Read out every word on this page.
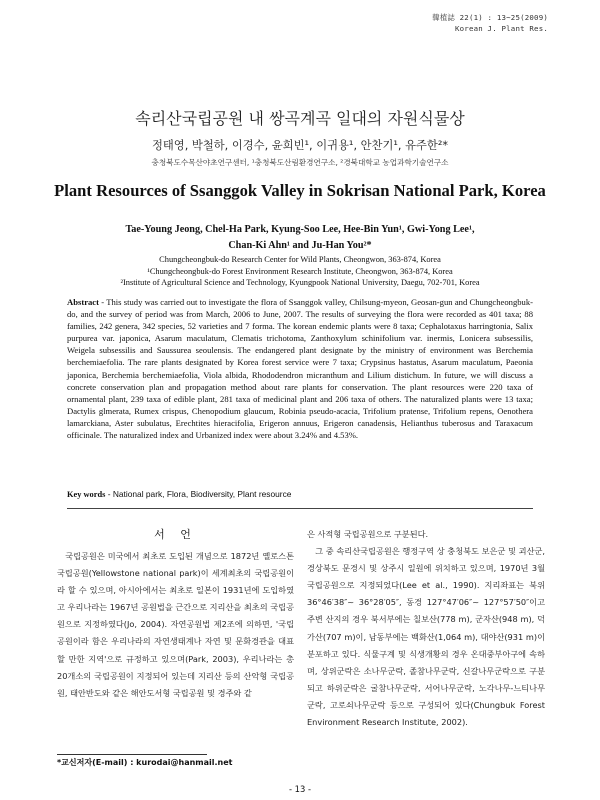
韓植誌 22(1) : 13~25(2009)
Korean J. Plant Res.
속리산국립공원 내 쌍곡계곡 일대의 자원식물상
정태영, 박철하, 이경수, 윤희빈¹, 이귀용¹, 안찬기¹, 유주한²*
충청북도수목산야초연구센터, ¹충청북도산림환경연구소, ²경북대학교 농업과학기술연구소
Plant Resources of Ssanggok Valley in Sokrisan National Park, Korea
Tae-Young Jeong, Chel-Ha Park, Kyung-Soo Lee, Hee-Bin Yun¹, Gwi-Yong Lee¹,
Chan-Ki Ahn¹ and Ju-Han You²*
Chungcheongbuk-do Research Center for Wild Plants, Cheongwon, 363-874, Korea
¹Chungcheongbuk-do Forest Environment Research Institute, Cheongwon, 363-874, Korea
²Institute of Agricultural Science and Technology, Kyungpook National University, Daegu, 702-701, Korea
Abstract - This study was carried out to investigate the flora of Ssanggok valley, Chilsung-myeon, Geosan-gun and Chungcheongbuk-do, and the survey of period was from March, 2006 to June, 2007. The results of surveying the flora were recorded as 401 taxa; 88 families, 242 genera, 342 species, 52 varieties and 7 forma. The korean endemic plants were 8 taxa; Cephalotaxus harringtonia, Salix purpurea var. japonica, Asarum maculatum, Clematis trichotoma, Zanthoxylum schinifolium var. inermis, Lonicera subsessilis, Weigela subsessilis and Saussurea seoulensis. The endangered plant designate by the ministry of environment was Berchemia berchemiaefolia. The rare plants designated by Korea forest service were 7 taxa; Crypsinus hastatus, Asarum maculatum, Paeonia japonica, Berchemia berchemiaefolia, Viola albida, Rhododendron micranthum and Lilium distichum. In future, we will discuss a concrete conservation plan and propagation method about rare plants for conservation. The plant resources were 220 taxa of ornamental plant, 239 taxa of edible plant, 281 taxa of medicinal plant and 206 taxa of others. The naturalized plants were 13 taxa; Dactylis glmerata, Rumex crispus, Chenopodium glaucum, Robinia pseudo-acacia, Trifolium pratense, Trifolium repens, Oenothera lamarckiana, Aster subulatus, Erechtites hieracifolia, Erigeron annuus, Erigeron canadensis, Helianthus tuberosus and Taraxacum officinale. The naturalized index and Urbanized index were about 3.24% and 4.53%.
Key words - National park, Flora, Biodiversity, Plant resource
서 언

국립공원은 미국에서 최초로 도입된 개념으로 1872년 옐로스톤국립공원(Yellowstone national park)이 세계최초의 국립공원이라 할 수 있으며, 아시아에서는 최초로 일본이 1931년에 도입하였고 우리나라는 1967년 공원법을 근간으로 지리산을 최초의 국립공원으로 지정하였다(Jo, 2004). 자연공원법 제2조에 의하면, '국립공원이라 함은 우리나라의 자연생태계나 자연 및 문화경관을 대표할 만한 지역'으로 규정하고 있으며(Park, 2003), 우리나라는 총 20개소의 국립공원이 지정되어 있는데 지리산 등의 산악형 국립공원, 태안반도와 같은 해안도서형 국립공원 및 경주와 같

은 사적형 국립공원으로 구분된다.

그 중 속리산국립공원은 행정구역 상 충청북도 보은군 및 괴산군, 경상북도 문경시 및 상주시 일원에 위치하고 있으며, 1970년 3월 국립공원으로 지정되었다(Lee et al., 1990). 지리좌표는 북위 36°46′38″~ 36°28′05″, 동경 127°47′06″~ 127°57′50″이고 주변 산지의 경우 북서부에는 칠보산(778 m), 군자산(948 m), 덕가산(707 m)이, 남동부에는 백화산(1,064 m), 대야산(931 m)이 분포하고 있다. 식물구계 및 식생개황의 경우 온대중부아구에 속하며, 상위군락은 소나무군락, 졸참나무군락, 신갈나무군락으로 구분되고 하위군락은 굴참나무군락, 서어나무군락, 노각나무-느티나무군락, 고로쇠나무군락 등으로 구성되어 있다(Chungbuk Forest Environment Research Institute, 2002).

*교신저자(E-mail) : kurodai@hanmail.net
- 13 -
